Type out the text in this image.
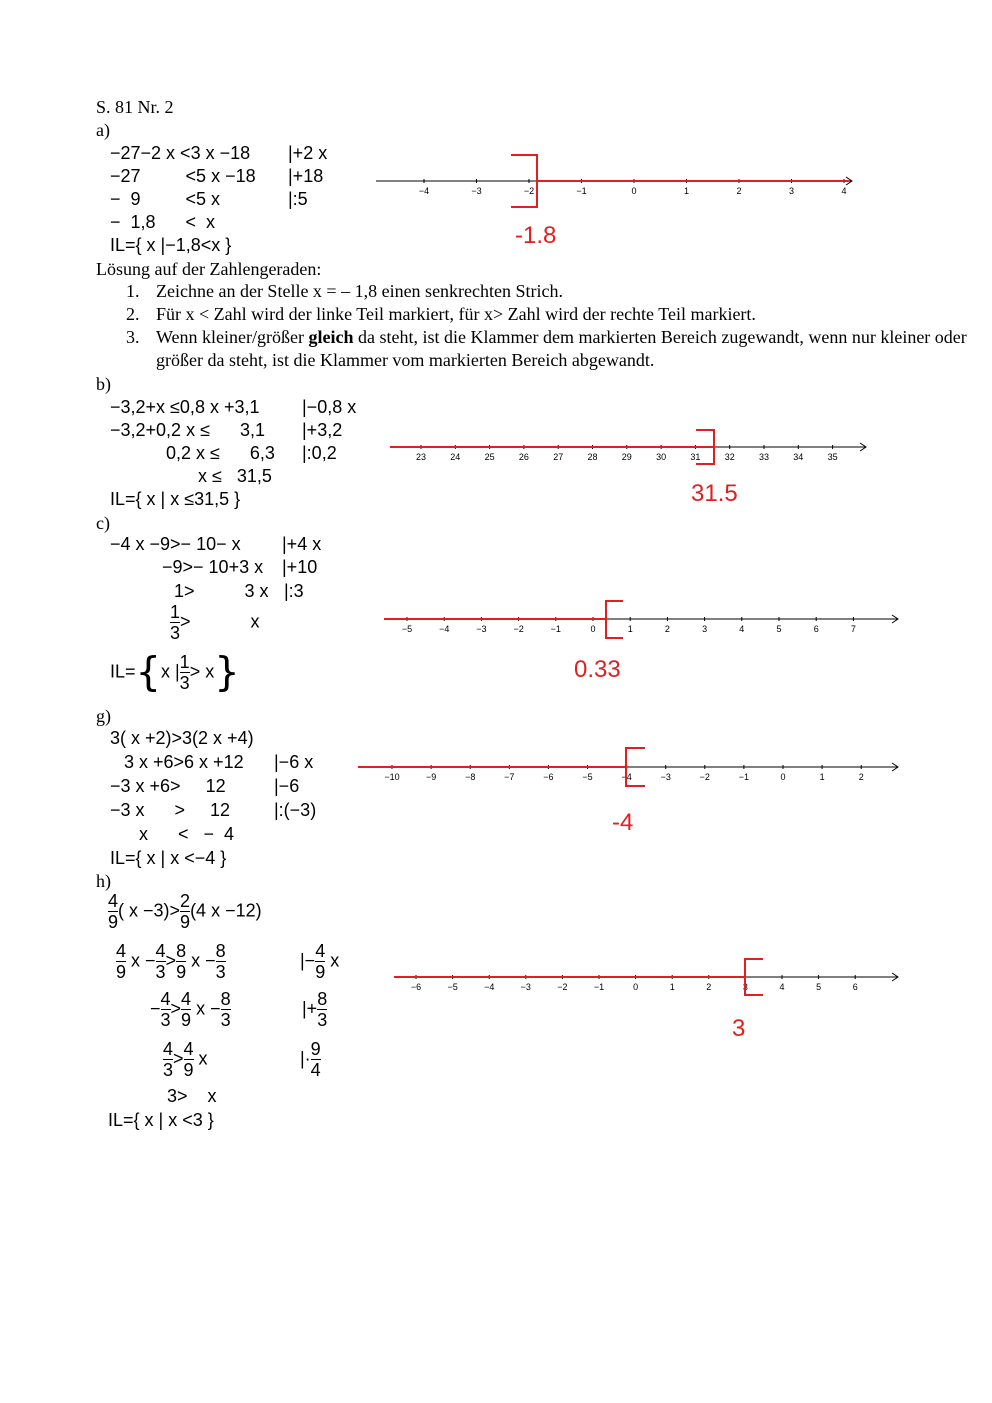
S. 81 Nr. 2
a)
−27−2 x <3 x −18 |+2 x
−27         <5 x −18 |+18
−  9         <5 x	|:5
−  1,8      <  x
IL={ x |−1,8<x }
−4	−3	−2	−1	0	1	2	3	4
-1.8
Lösung auf der Zahlengeraden:
1. Zeichne an der Stelle x = – 1,8 einen senkrechten Strich.
2. Für x < Zahl wird der linke Teil markiert, für x> Zahl wird der rechte Teil markiert.
3. Wenn kleiner/größer gleich da steht, ist die Klammer dem markierten Bereich zugewandt, wenn nur kleiner oder größer da steht, ist die Klammer vom markierten Bereich abgewandt.
b)
−3,2+x ≤0,8 x +3,1 |−0,8 x
−3,2+0,2 x ≤      3,1 |+3,2
0,2 x ≤      6,3 |:0,2
x ≤   31,5
IL={ x | x ≤31,5 }
23	24	25	26	27	28	29	30	31	32	33	34	35
31.5
c)
−4 x −9>− 10− x |+4 x
−9>− 10+3 x |+10
1>          3 x |:3
$\frac{1}{3}$ >            x
IL={x | $\frac{1}{3} > x$}
−5	−4	−3	−2	−1	0	1	2	3	4	5	6	7
0.33
g)
3( x +2)>3(2 x +4)
3 x +6>6 x +12 |−6 x
−3 x +6>     12	|−6
−3 x      >     12 |:(−3)
x      <   −  4
IL={ x | x <−4 }
−10	−9	−8	−7	−6	−5	−4	−3	−2	−1	0	1	2
-4
h)
$\frac{4}{9}$ ( $x -3)> \frac{2}{9} (4$ x −12)
$\frac{4}{9}$ $x - \frac{4}{3} > \frac{8}{9}$ $x - \frac{8}{3}$	|− $\frac{4}{9}$ x
− $\frac{4}{3} > \frac{4}{9}$ $x - \frac{8}{3}$	|+ $\frac{8}{3}$
$\frac{4}{3} > \frac{4}{9}$ x	|· $\frac{9}{4}$
3>    x
IL={ x | x <3 }
−6	−5	−4	−3	−2	−1	0	1	2	3	4	5	6
3
